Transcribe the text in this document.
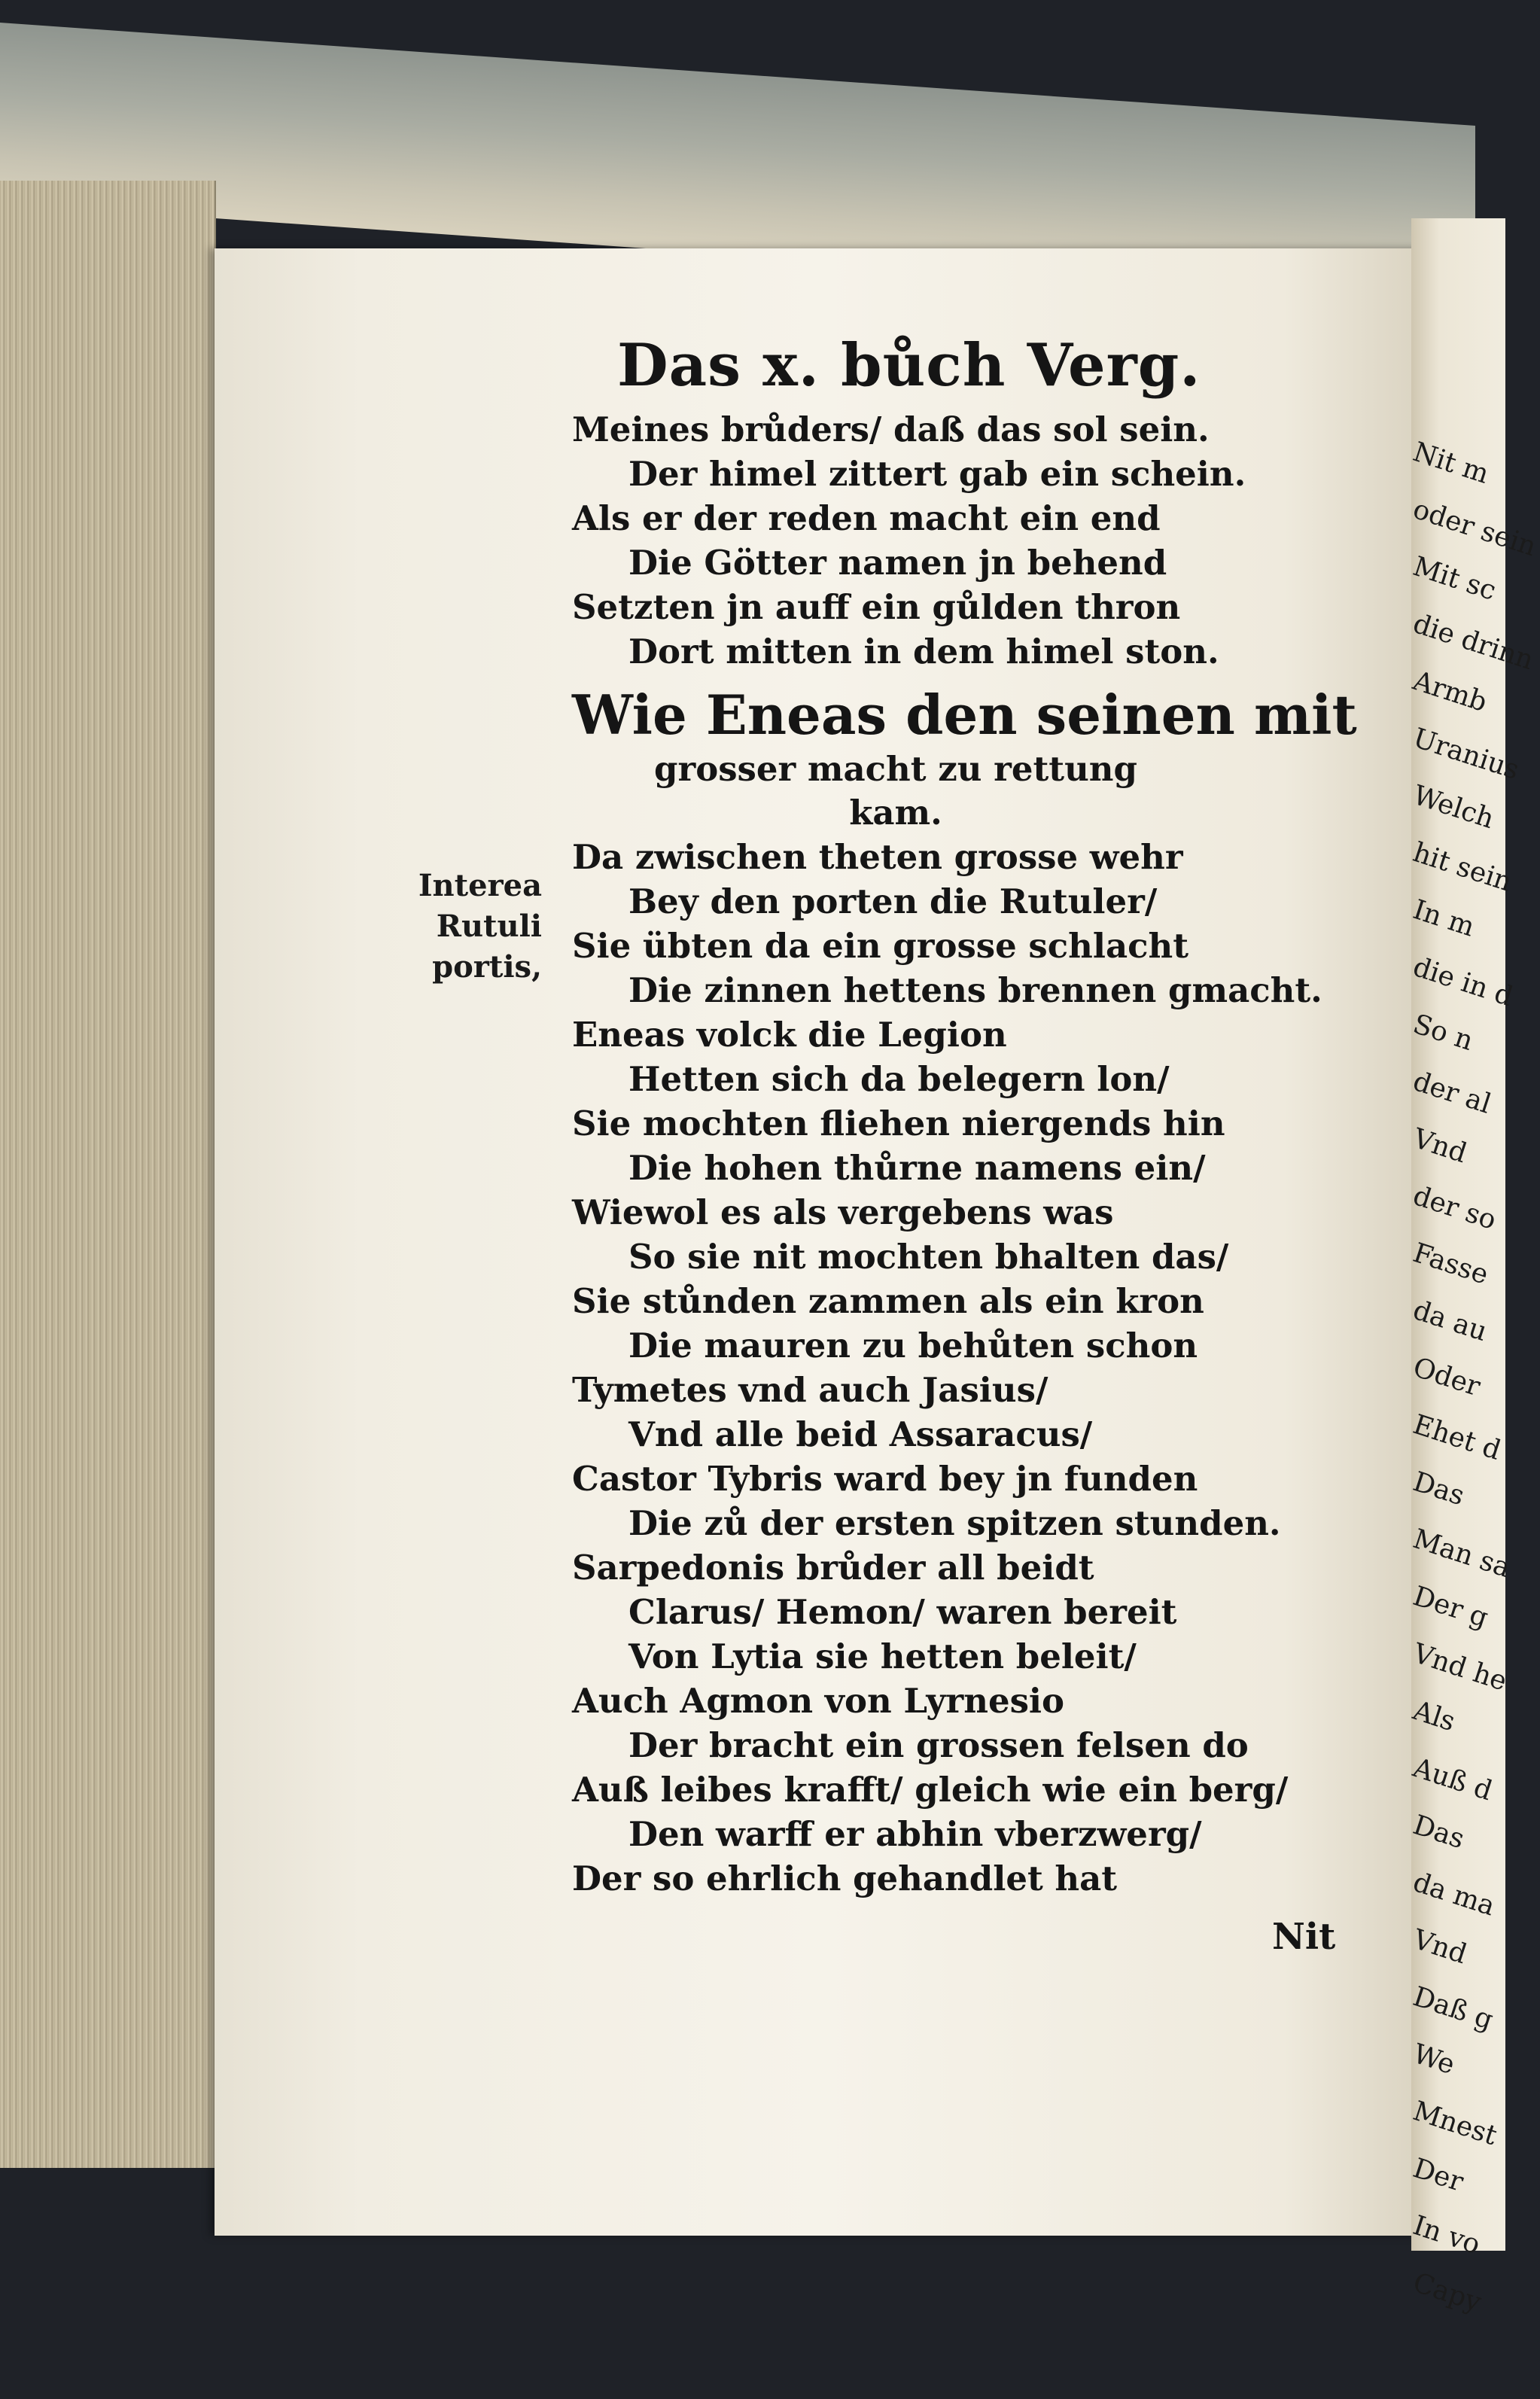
Nit m
oder sein
Mit sc
die drinn
Armb
Uranius
Welch
hit sein
In m
die in d
So n
der al
Vnd
der so
Fasse
da au
Oder
Ehet d
Das
Man sa
Der g
Vnd he
Als
Auß d
Das
da ma
Vnd
Daß g
We
Mnest
Der
In vo
Capy
Das x. bůch Verg.
Meines brůders/ daß das sol sein.
Der himel zittert gab ein schein.
Als er der reden macht ein end
Die Götter namen jn behend
Setzten jn auff ein gůlden thron
Dort mitten in dem himel ston.
Wie Eneas den seinen mit
grosser macht zu rettung
kam.
Da zwischen theten grosse wehr
Bey den porten die Rutuler/
Sie übten da ein grosse schlacht
Die zinnen hettens brennen gmacht.
Eneas volck die Legion
Hetten sich da belegern lon/
Sie mochten fliehen niergends hin
Die hohen thůrne namens ein/
Wiewol es als vergebens was
So sie nit mochten bhalten das/
Sie stůnden zammen als ein kron
Die mauren zu behůten schon
Tymetes vnd auch Jasius/
Vnd alle beid Assaracus/
Castor Tybris ward bey jn funden
Die zů der ersten spitzen stunden.
Sarpedonis brůder all beidt
Clarus/ Hemon/ waren bereit
Von Lytia sie hetten beleit/
Auch Agmon von Lyrnesio
Der bracht ein grossen felsen do
Auß leibes krafft/ gleich wie ein berg/
Den warff er abhin vberzwerg/
Der so ehrlich gehandlet hat
Interea
Rutuli
portis,
Nit
